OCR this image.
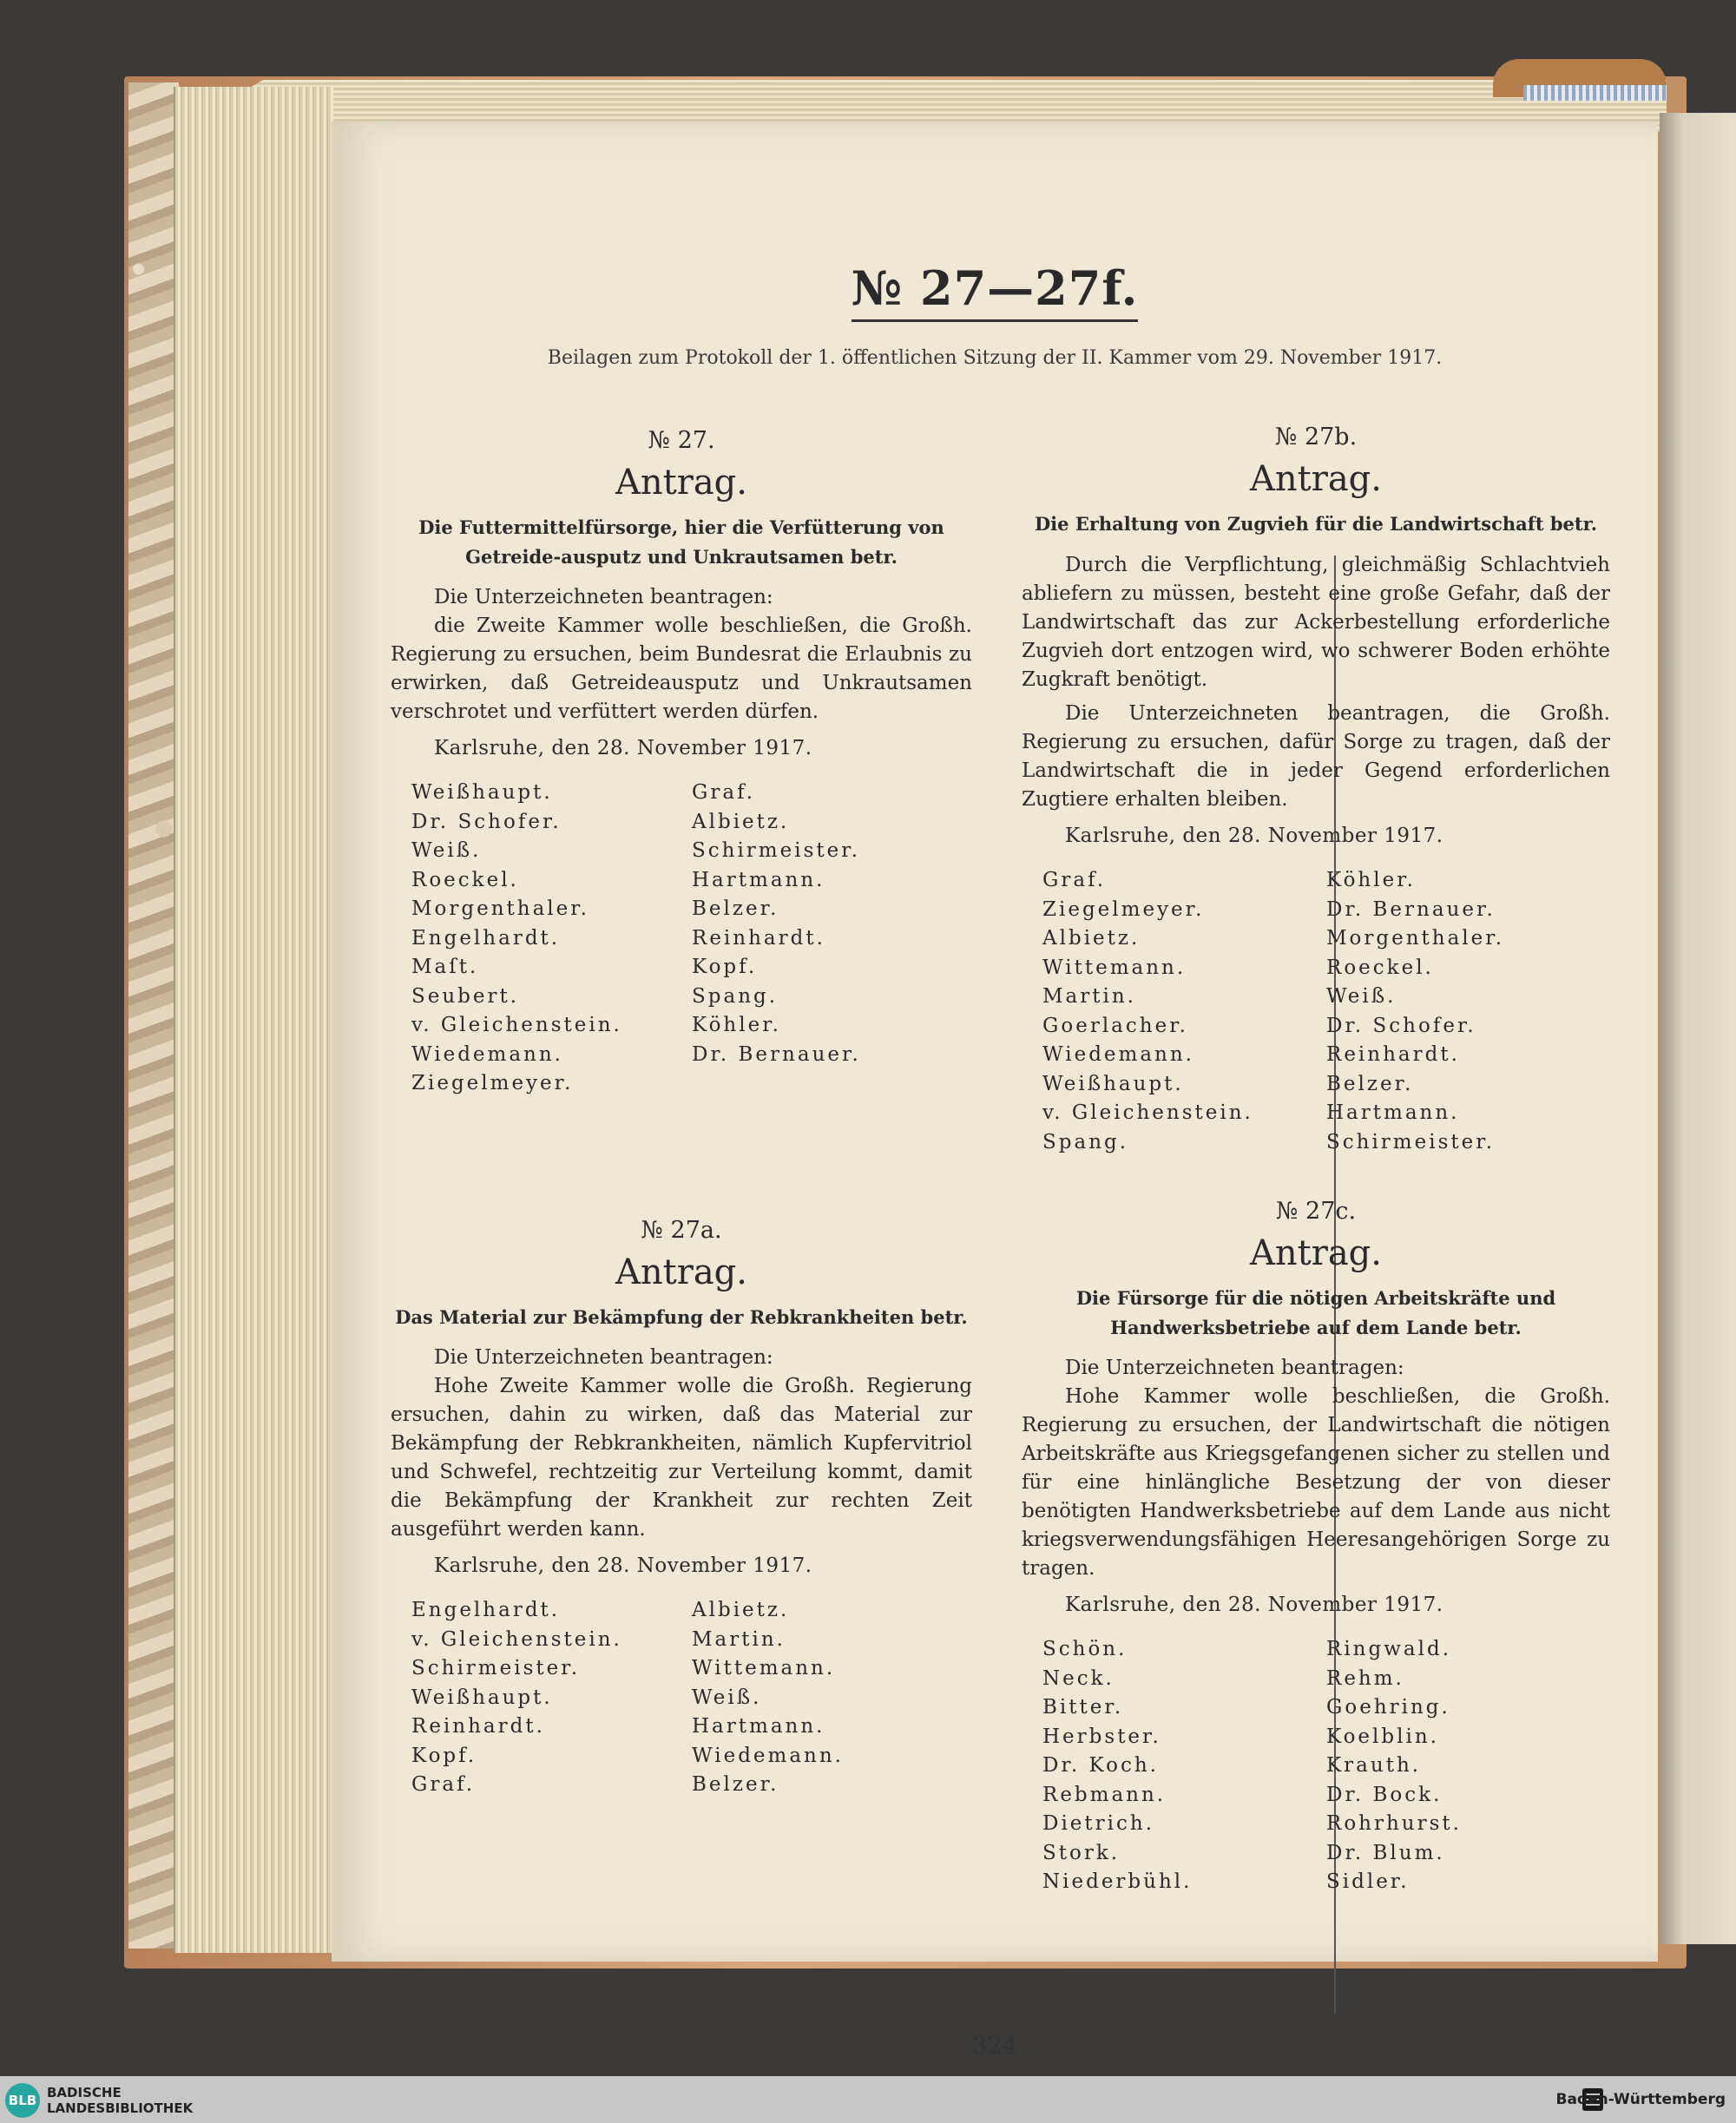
№ 27—27f.
Beilagen zum Protokoll der 1. öffentlichen Sitzung der II. Kammer vom 29. November 1917.
№ 27.
Antrag.
Die Futtermittelfürsorge, hier die Verfütterung von Getreide-ausputz und Unkrautsamen betr.
Die Unterzeichneten beantragen:
die Zweite Kammer wolle beschließen, die Großh. Regierung zu ersuchen, beim Bundesrat die Erlaubnis zu erwirken, daß Getreideausputz und Unkrautsamen verschrotet und verfüttert werden dürfen.
Karlsruhe, den 28. November 1917.
Weißhaupt.	Graf.
Dr. Schofer.	Albietz.
Weiß.	Schirmeister.
Roeckel.	Hartmann.
Morgenthaler.	Belzer.
Engelhardt.	Reinhardt.
Maſt.	Kopf.
Seubert.	Spang.
v. Gleichenstein.	Köhler.
Wiedemann.	Dr. Bernauer.
Ziegelmeyer.
№ 27a.
Antrag.
Das Material zur Bekämpfung der Rebkrankheiten betr.
Die Unterzeichneten beantragen:
Hohe Zweite Kammer wolle die Großh. Regierung ersuchen, dahin zu wirken, daß das Material zur Bekämpfung der Rebkrankheiten, nämlich Kupfervitriol und Schwefel, rechtzeitig zur Verteilung kommt, damit die Bekämpfung der Krankheit zur rechten Zeit ausgeführt werden kann.
Karlsruhe, den 28. November 1917.
Engelhardt.	Albietz.
v. Gleichenstein.	Martin.
Schirmeister.	Wittemann.
Weißhaupt.	Weiß.
Reinhardt.	Hartmann.
Kopf.	Wiedemann.
Graf.	Belzer.
№ 27b.
Antrag.
Die Erhaltung von Zugvieh für die Landwirtschaft betr.
Durch die Verpflichtung, gleichmäßig Schlachtvieh abliefern zu müssen, besteht eine große Gefahr, daß der Landwirtschaft das zur Ackerbestellung erforderliche Zugvieh dort entzogen wird, wo schwerer Boden erhöhte Zugkraft benötigt.
Die Unterzeichneten beantragen, die Großh. Regierung zu ersuchen, dafür Sorge zu tragen, daß der Landwirtschaft die in jeder Gegend erforderlichen Zugtiere erhalten bleiben.
Karlsruhe, den 28. November 1917.
Graf.	Köhler.
Ziegelmeyer.	Dr. Bernauer.
Albietz.	Morgenthaler.
Wittemann.	Roeckel.
Martin.	Weiß.
Goerlacher.	Dr. Schofer.
Wiedemann.	Reinhardt.
Weißhaupt.	Belzer.
v. Gleichenstein.	Hartmann.
Spang.	Schirmeister.
№ 27c.
Antrag.
Die Fürsorge für die nötigen Arbeitskräfte und Handwerksbetriebe auf dem Lande betr.
Die Unterzeichneten beantragen:
Hohe Kammer wolle beschließen, die Großh. Regierung zu ersuchen, der Landwirtschaft die nötigen Arbeitskräfte aus Kriegsgefangenen sicher zu stellen und für eine hinlängliche Besetzung der von dieser benötigten Handwerksbetriebe auf dem Lande aus nicht kriegsverwendungsfähigen Heeresangehörigen Sorge zu tragen.
Karlsruhe, den 28. November 1917.
Schön.	Ringwald.
Neck.	Rehm.
Bitter.	Goehring.
Herbster.	Koelblin.
Dr. Koch.	Krauth.
Rebmann.	Dr. Bock.
Dietrich.	Rohrhurst.
Stork.	Dr. Blum.
Niederbühl.	Sidler.
324
BLB BADISCHE
LANDESBIBLIOTHEK	Baden-Württemberg
